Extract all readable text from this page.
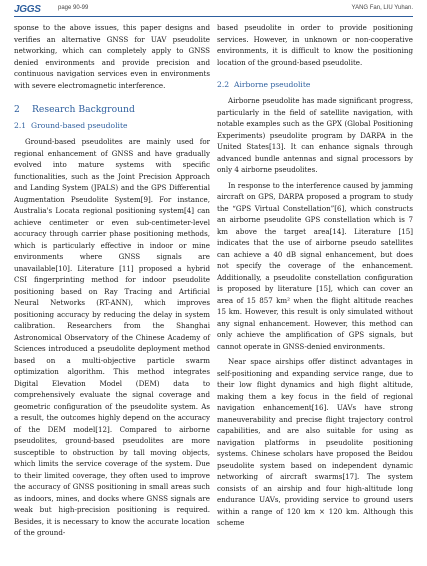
JGGS	page 90-99	YANG Fan, LIU Yuhan.

sponse to the above issues, this paper designs and verifies an alternative GNSS for UAV pseudolite networking, which can completely apply to GNSS denied environments and provide precision and continuous navigation services even in environments with severe electromagnetic interference.

2 Research Background
2.1 Ground-based pseudolite

Ground-based pseudolites are mainly used for regional enhancement of GNSS and have gradually evolved into mature systems with specific functionalities, such as the Joint Precision Approach and Landing System (JPALS) and the GPS Differential Augmentation Pseudolite System[9]. For instance, Australia's Locata regional positioning system[4] can achieve centimeter or even sub-centimeter-level accuracy through carrier phase positioning methods, which is particularly effective in indoor or mine environments where GNSS signals are unavailable[10]. Literature [11] proposed a hybrid CSI fingerprinting method for indoor pseudolite positioning based on Ray Tracing and Artificial Neural Networks (RT-ANN), which improves positioning accuracy by reducing the delay in system calibration. Researchers from the Shanghai Astronomical Observatory of the Chinese Academy of Sciences introduced a pseudolite deployment method based on a multi-objective particle swarm optimization algorithm. This method integrates Digital Elevation Model (DEM) data to comprehensively evaluate the signal coverage and geometric configuration of the pseudolite system. As a result, the outcomes highly depend on the accuracy of the DEM model[12]. Compared to airborne pseudolites, ground-based pseudolites are more susceptible to obstruction by tall moving objects, which limits the service coverage of the system. Due to their limited coverage, they often used to improve the accuracy of GNSS positioning in small areas such as indoors, mines, and docks where GNSS signals are weak but high-precision positioning is required. Besides, it is necessary to know the accurate location of the ground-

based pseudolite in order to provide positioning services. However, in unknown or non-cooperative environments, it is difficult to know the positioning location of the ground-based pseudolite.

2.2 Airborne pseudolite

Airborne pseudolite has made significant progress, particularly in the field of satellite navigation, with notable examples such as the GPX (Global Positioning Experiments) pseudolite program by DARPA in the United States[13]. It can enhance signals through advanced bundle antennas and signal processors by only 4 airborne pseudolites.

In response to the interference caused by jamming aircraft on GPS, DARPA proposed a program to study the “GPS Virtual Constellation”[6], which constructs an airborne pseudolite GPS constellation which is 7 km above the target area[14]. Literature [15] indicates that the use of airborne pseudo satellites can achieve a 40 dB signal enhancement, but does not specify the coverage of the enhancement. Additionally, a pseudolite constellation configuration is proposed by literature [15], which can cover an area of 15 857 km² when the flight altitude reaches 15 km. However, this result is only simulated without any signal enhancement. However, this method can only achieve the amplification of GPS signals, but cannot operate in GNSS-denied environments.

Near space airships offer distinct advantages in self-positioning and expanding service range, due to their low flight dynamics and high flight altitude, making them a key focus in the field of regional navigation enhancement[16]. UAVs have strong maneuverability and precise flight trajectory control capabilities, and are also suitable for using as navigation platforms in pseudolite positioning systems. Chinese scholars have proposed the Beidou pseudolite system based on independent dynamic networking of aircraft swarms[17]. The system consists of an airship and four high-altitude long endurance UAVs, providing service to ground users within a range of 120 km × 120 km. Although this scheme
